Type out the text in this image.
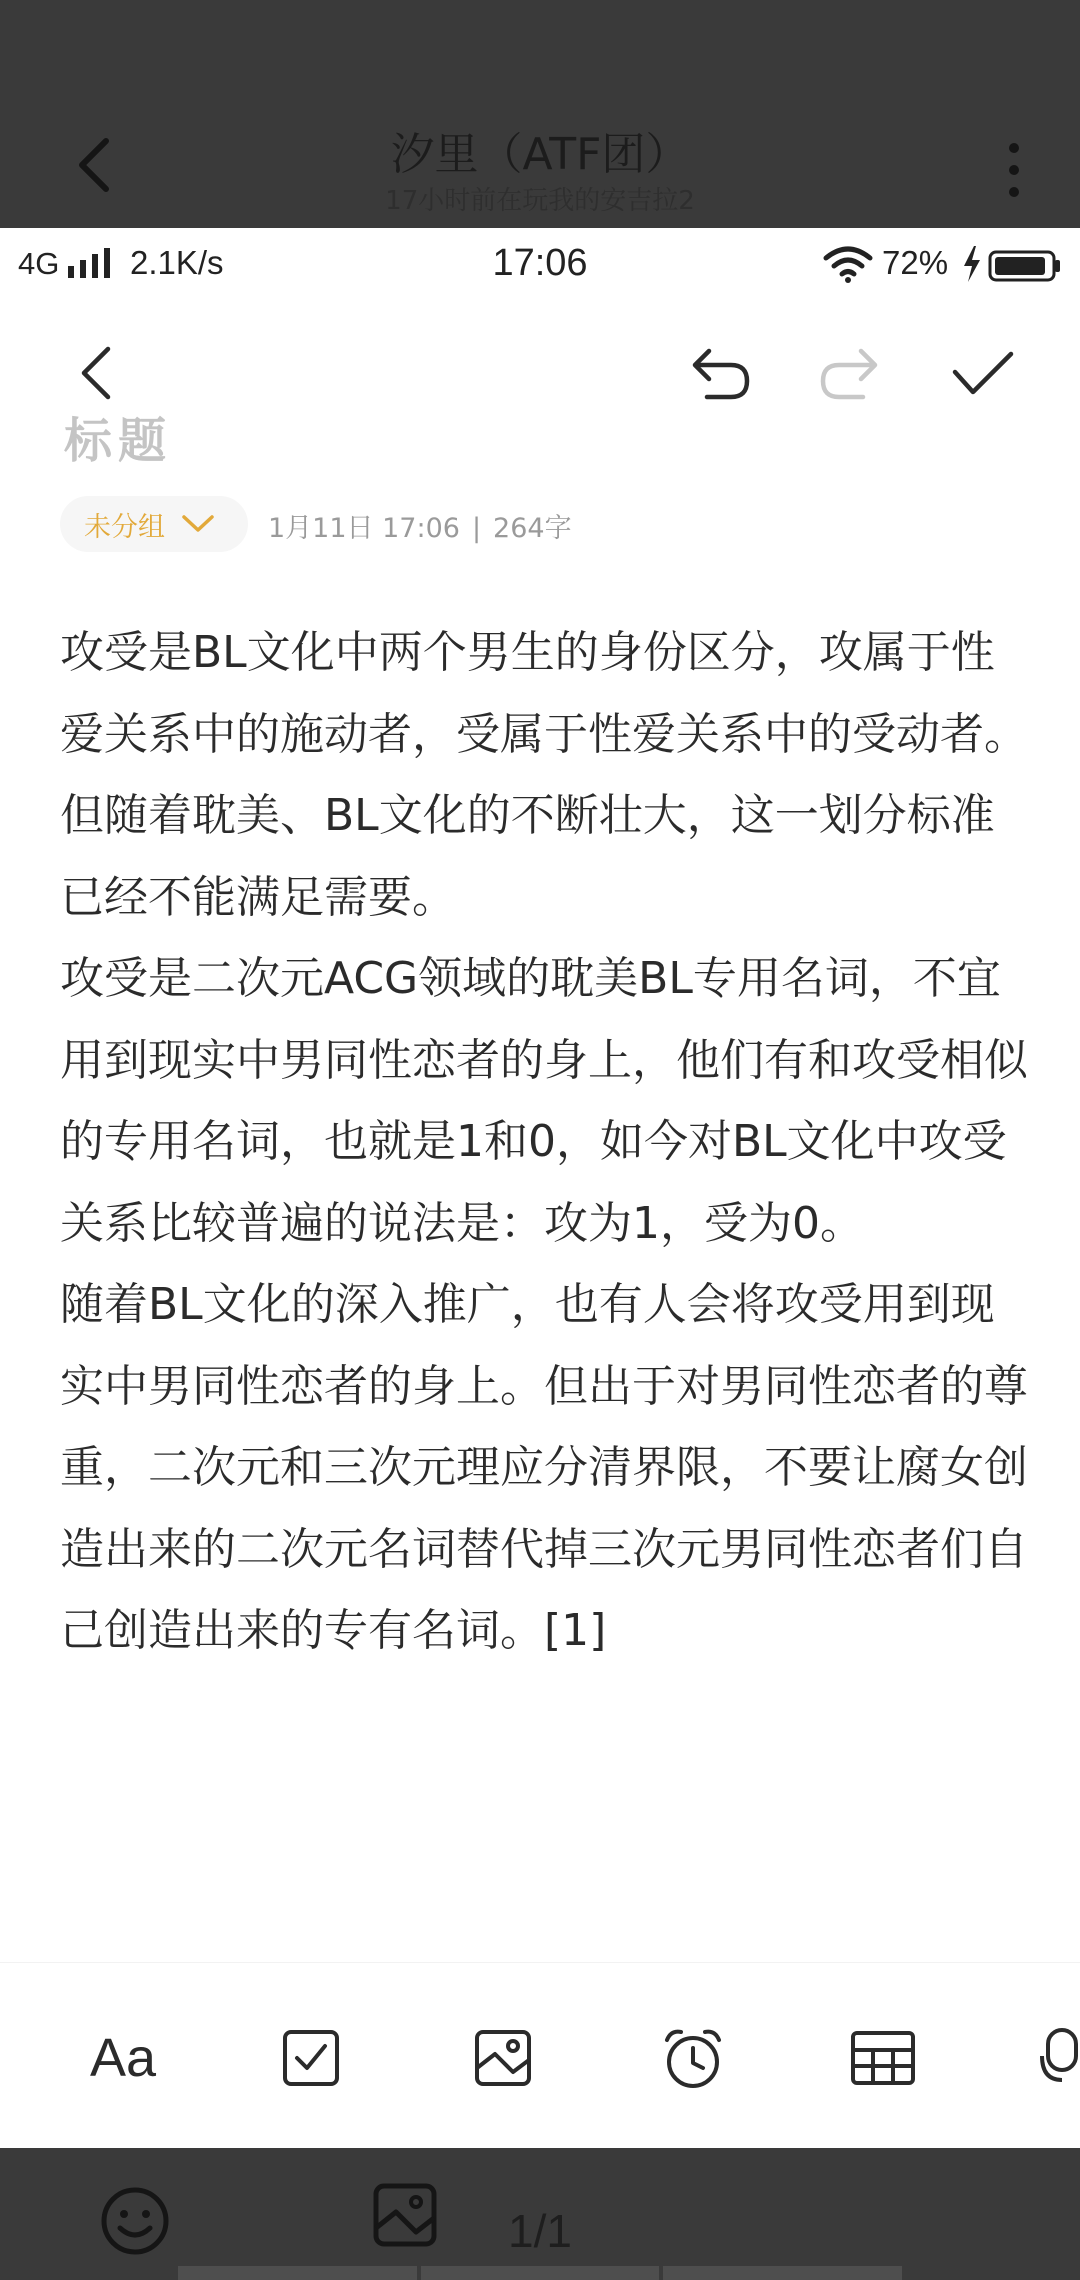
汐里（ATF团）
17小时前在玩我的安吉拉2
4G 2.1K/s	17:06	72%
标题
未分组	1月11日 17:06 | 264字

攻受是BL文化中两个男生的身份区分，攻属于性爱关系中的施动者，受属于性爱关系中的受动者。但随着耽美、BL文化的不断壮大，这一划分标准已经不能满足需要。

攻受是二次元ACG领域的耽美BL专用名词，不宜用到现实中男同性恋者的身上，他们有和攻受相似的专用名词，也就是1和0，如今对BL文化中攻受关系比较普遍的说法是：攻为1，受为0。

随着BL文化的深入推广，也有人会将攻受用到现实中男同性恋者的身上。但出于对男同性恋者的尊重，二次元和三次元理应分清界限，不要让腐女创造出来的二次元名词替代掉三次元男同性恋者们自己创造出来的专有名词。[1]

Aa
1/1
